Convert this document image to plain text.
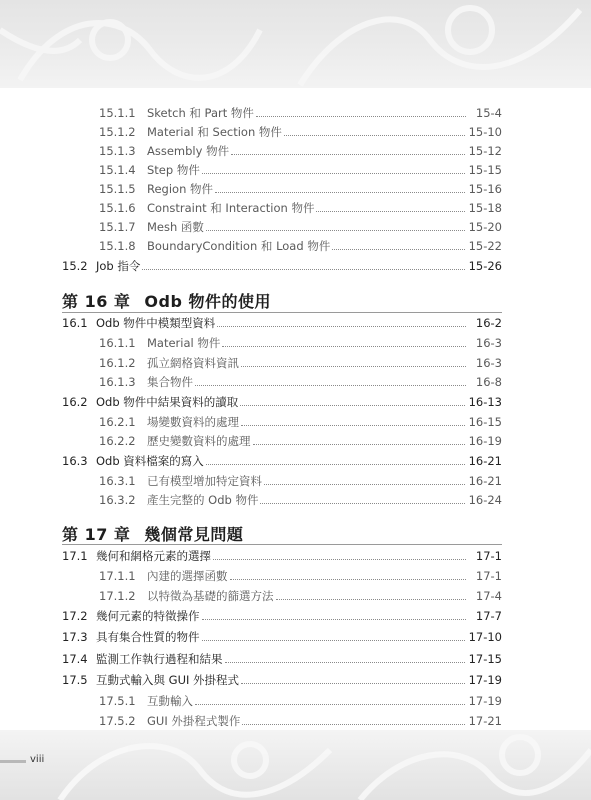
15.1.1 Sketch 和 Part 物件	15-4
15.1.2 Material 和 Section 物件	15-10
15.1.3 Assembly 物件	15-12
15.1.4 Step 物件	15-15
15.1.5 Region 物件	15-16
15.1.6 Constraint 和 Interaction 物件	15-18
15.1.7 Mesh 函數	15-20
15.1.8 BoundaryCondition 和 Load 物件	15-22
15.2 Job 指令	15-26
第 16 章 Odb 物件的使用
16.1 Odb 物件中模類型資料	16-2
16.1.1 Material 物件	16-3
16.1.2 孤立網格資料資訊	16-3
16.1.3 集合物件	16-8
16.2 Odb 物件中結果資料的讀取	16-13
16.2.1 場變數資料的處理	16-15
16.2.2 歷史變數資料的處理	16-19
16.3 Odb 資料檔案的寫入	16-21
16.3.1 已有模型增加特定資料	16-21
16.3.2 產生完整的 Odb 物件	16-24
第 17 章 幾個常見問題
17.1 幾何和網格元素的選擇	17-1
17.1.1 內建的選擇函數	17-1
17.1.2 以特徵為基礎的篩選方法	17-4
17.2 幾何元素的特徵操作	17-7
17.3 具有集合性質的物件	17-10
17.4 監測工作執行過程和結果	17-15
17.5 互動式輸入與 GUI 外掛程式	17-19
17.5.1 互動輸入	17-19
17.5.2 GUI 外掛程式製作	17-21
viii
